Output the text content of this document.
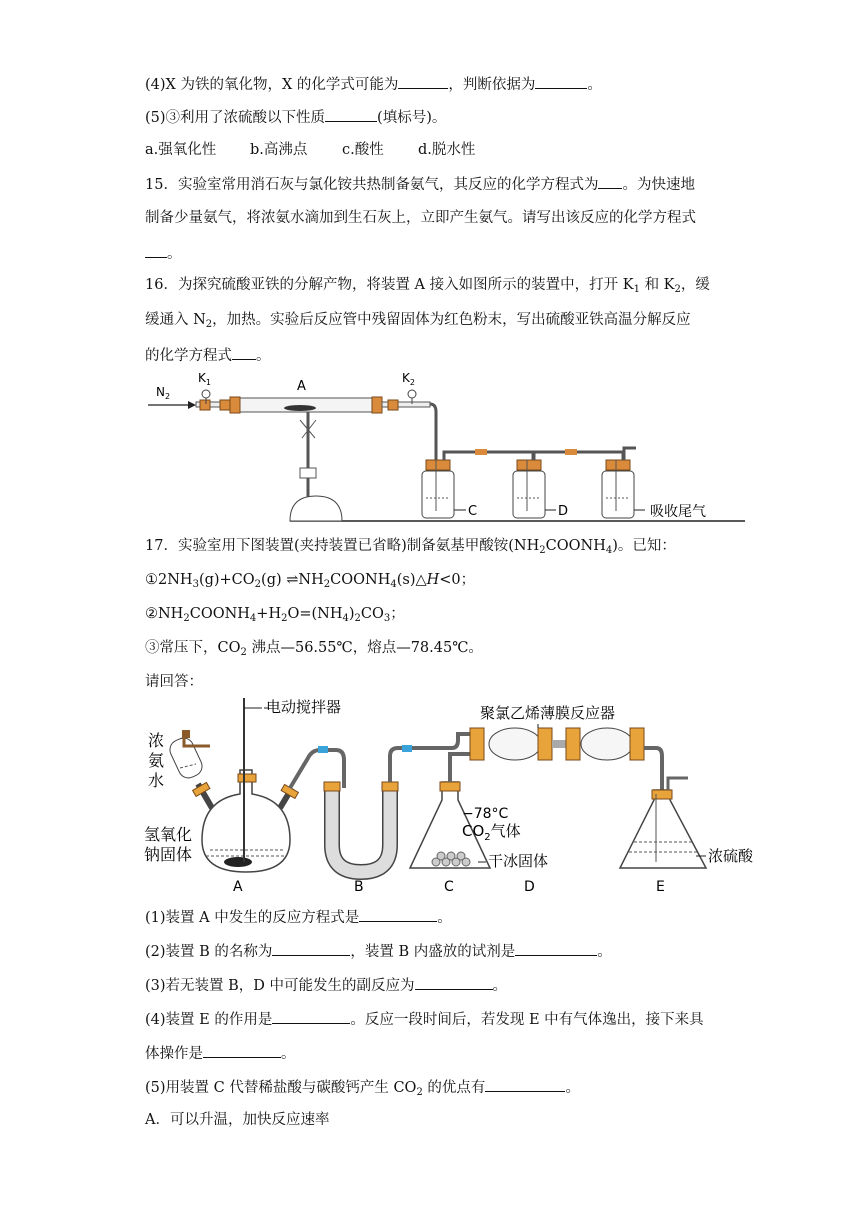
(4)X 为铁的氧化物，X 的化学式可能为	，判断依据为	。
(5)③利用了浓硫酸以下性质	(填标号)。
a.强氧化性 b.高沸点 c.酸性 d.脱水性
15．实验室常用消石灰与氯化铵共热制备氨气，其反应的化学方程式为 。为快速地
制备少量氨气，将浓氨水滴加到生石灰上，立即产生氨气。请写出该反应的化学方程式
。
16．为探究硫酸亚铁的分解产物，将装置 A 接入如图所示的装置中，打开 $K_1$ 和 $K_2$，缓
缓通入 $N_2$，加热。实验后反应管中残留固体为红色粉末，写出硫酸亚铁高温分解反应
的化学方程式 。
$N_2$
$K_1$	$K_2$
A
C	D	吸收尾气
17．实验室用下图装置(夹持装置已省略)制备氨基甲酸铵$(NH_2COONH_4)$。已知：
$①2NH_3(g)+CO_2(g)$ $\rightleftharpoons NH_2COONH_4(s)\triangle H<0$；
$②NH_2COONH_4+H_2O=(NH_4)_2CO_3$；
③常压下，$CO_2$ 沸点—56.55℃，熔点—78.45℃。
请回答：
电动搅拌器	聚氯乙烯薄膜反应器
浓
氨
水
氢氧化
钠固体
−78°C
$CO_2$气体
干冰固体	浓硫酸
A	B	C	D	E
(1)装置 A 中发生的反应方程式是	。
(2)装置 B 的名称为	，装置 B 内盛放的试剂是	。
(3)若无装置 B，D 中可能发生的副反应为	。
(4)装置 E 的作用是	。反应一段时间后，若发现 E 中有气体逸出，接下来具
体操作是	。
(5)用装置 C 代替稀盐酸与碳酸钙产生 $CO_2$ 的优点有	。
A．可以升温，加快反应速率
